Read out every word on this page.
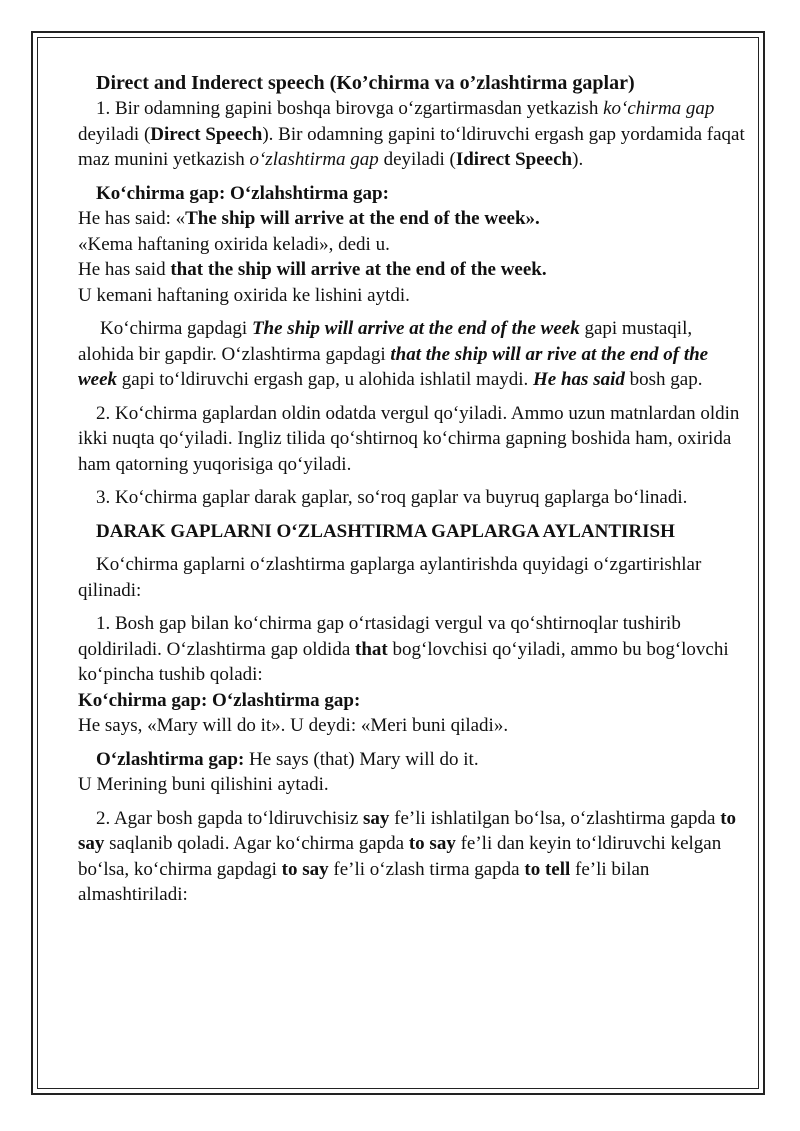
Direct and Inderect speech (Ko’chirma va o’zlashtirma gaplar)

1. Bir odamning gapini boshqa birovga o‘zgartirmasdan yetkazish ko‘chirma gap deyiladi (Direct Speech). Bir odamning gapini to‘ldiruvchi ergash gap yordamida faqat maz munini yetkazish o‘zlashtirma gap deyiladi (Idirect Speech).

Ko‘chirma gap: O‘zlahshtirma gap:

He has said: «The ship will arrive at the end of the week».

«Kema haftaning oxirida keladi», dedi u.

He has said that the ship will arrive at the end of the week.

U kemani haftaning oxirida ke lishini aytdi.

Ko‘chirma gapdagi The ship will arrive at the end of the week gapi mustaqil, alohida bir gapdir. O‘zlashtirma gapdagi that the ship will ar rive at the end of the week gapi to‘ldiruvchi ergash gap, u alohida ishlatil maydi. He has said bosh gap.

2. Ko‘chirma gaplardan oldin odatda vergul qo‘yiladi. Ammo uzun matnlardan oldin ikki nuqta qo‘yiladi. Ingliz tilida qo‘shtirnoq ko‘chirma gapning boshida ham, oxirida ham qatorning yuqorisiga qo‘yiladi.

3. Ko‘chirma gaplar darak gaplar, so‘roq gaplar va buyruq gaplarga bo‘linadi.

DARAK GAPLARNI O‘ZLASHTIRMA GAPLARGA AYLANTIRISH

Ko‘chirma gaplarni o‘zlashtirma gaplarga aylantirishda quyidagi o‘zgartirishlar qilinadi:

1. Bosh gap bilan ko‘chirma gap o‘rtasidagi vergul va qo‘shtirnoqlar tushirib qoldiriladi. O‘zlashtirma gap oldida that bog‘lovchisi qo‘yiladi, ammo bu bog‘lovchi ko‘pincha tushib qoladi:

Ko‘chirma gap: O‘zlashtirma gap:

He says, «Mary will do it». U deydi: «Meri buni qiladi».

O‘zlashtirma gap: He says (that) Mary will do it.

U Merining buni qilishini aytadi.

2. Agar bosh gapda to‘ldiruvchisiz say fe’li ishlatilgan bo‘lsa, o‘zlashtirma gapda to say saqlanib qoladi. Agar ko‘chirma gapda to say fe’li dan keyin to‘ldiruvchi kelgan bo‘lsa, ko‘chirma gapdagi to say fe’li o‘zlash tirma gapda to tell fe’li bilan almashtiriladi:
